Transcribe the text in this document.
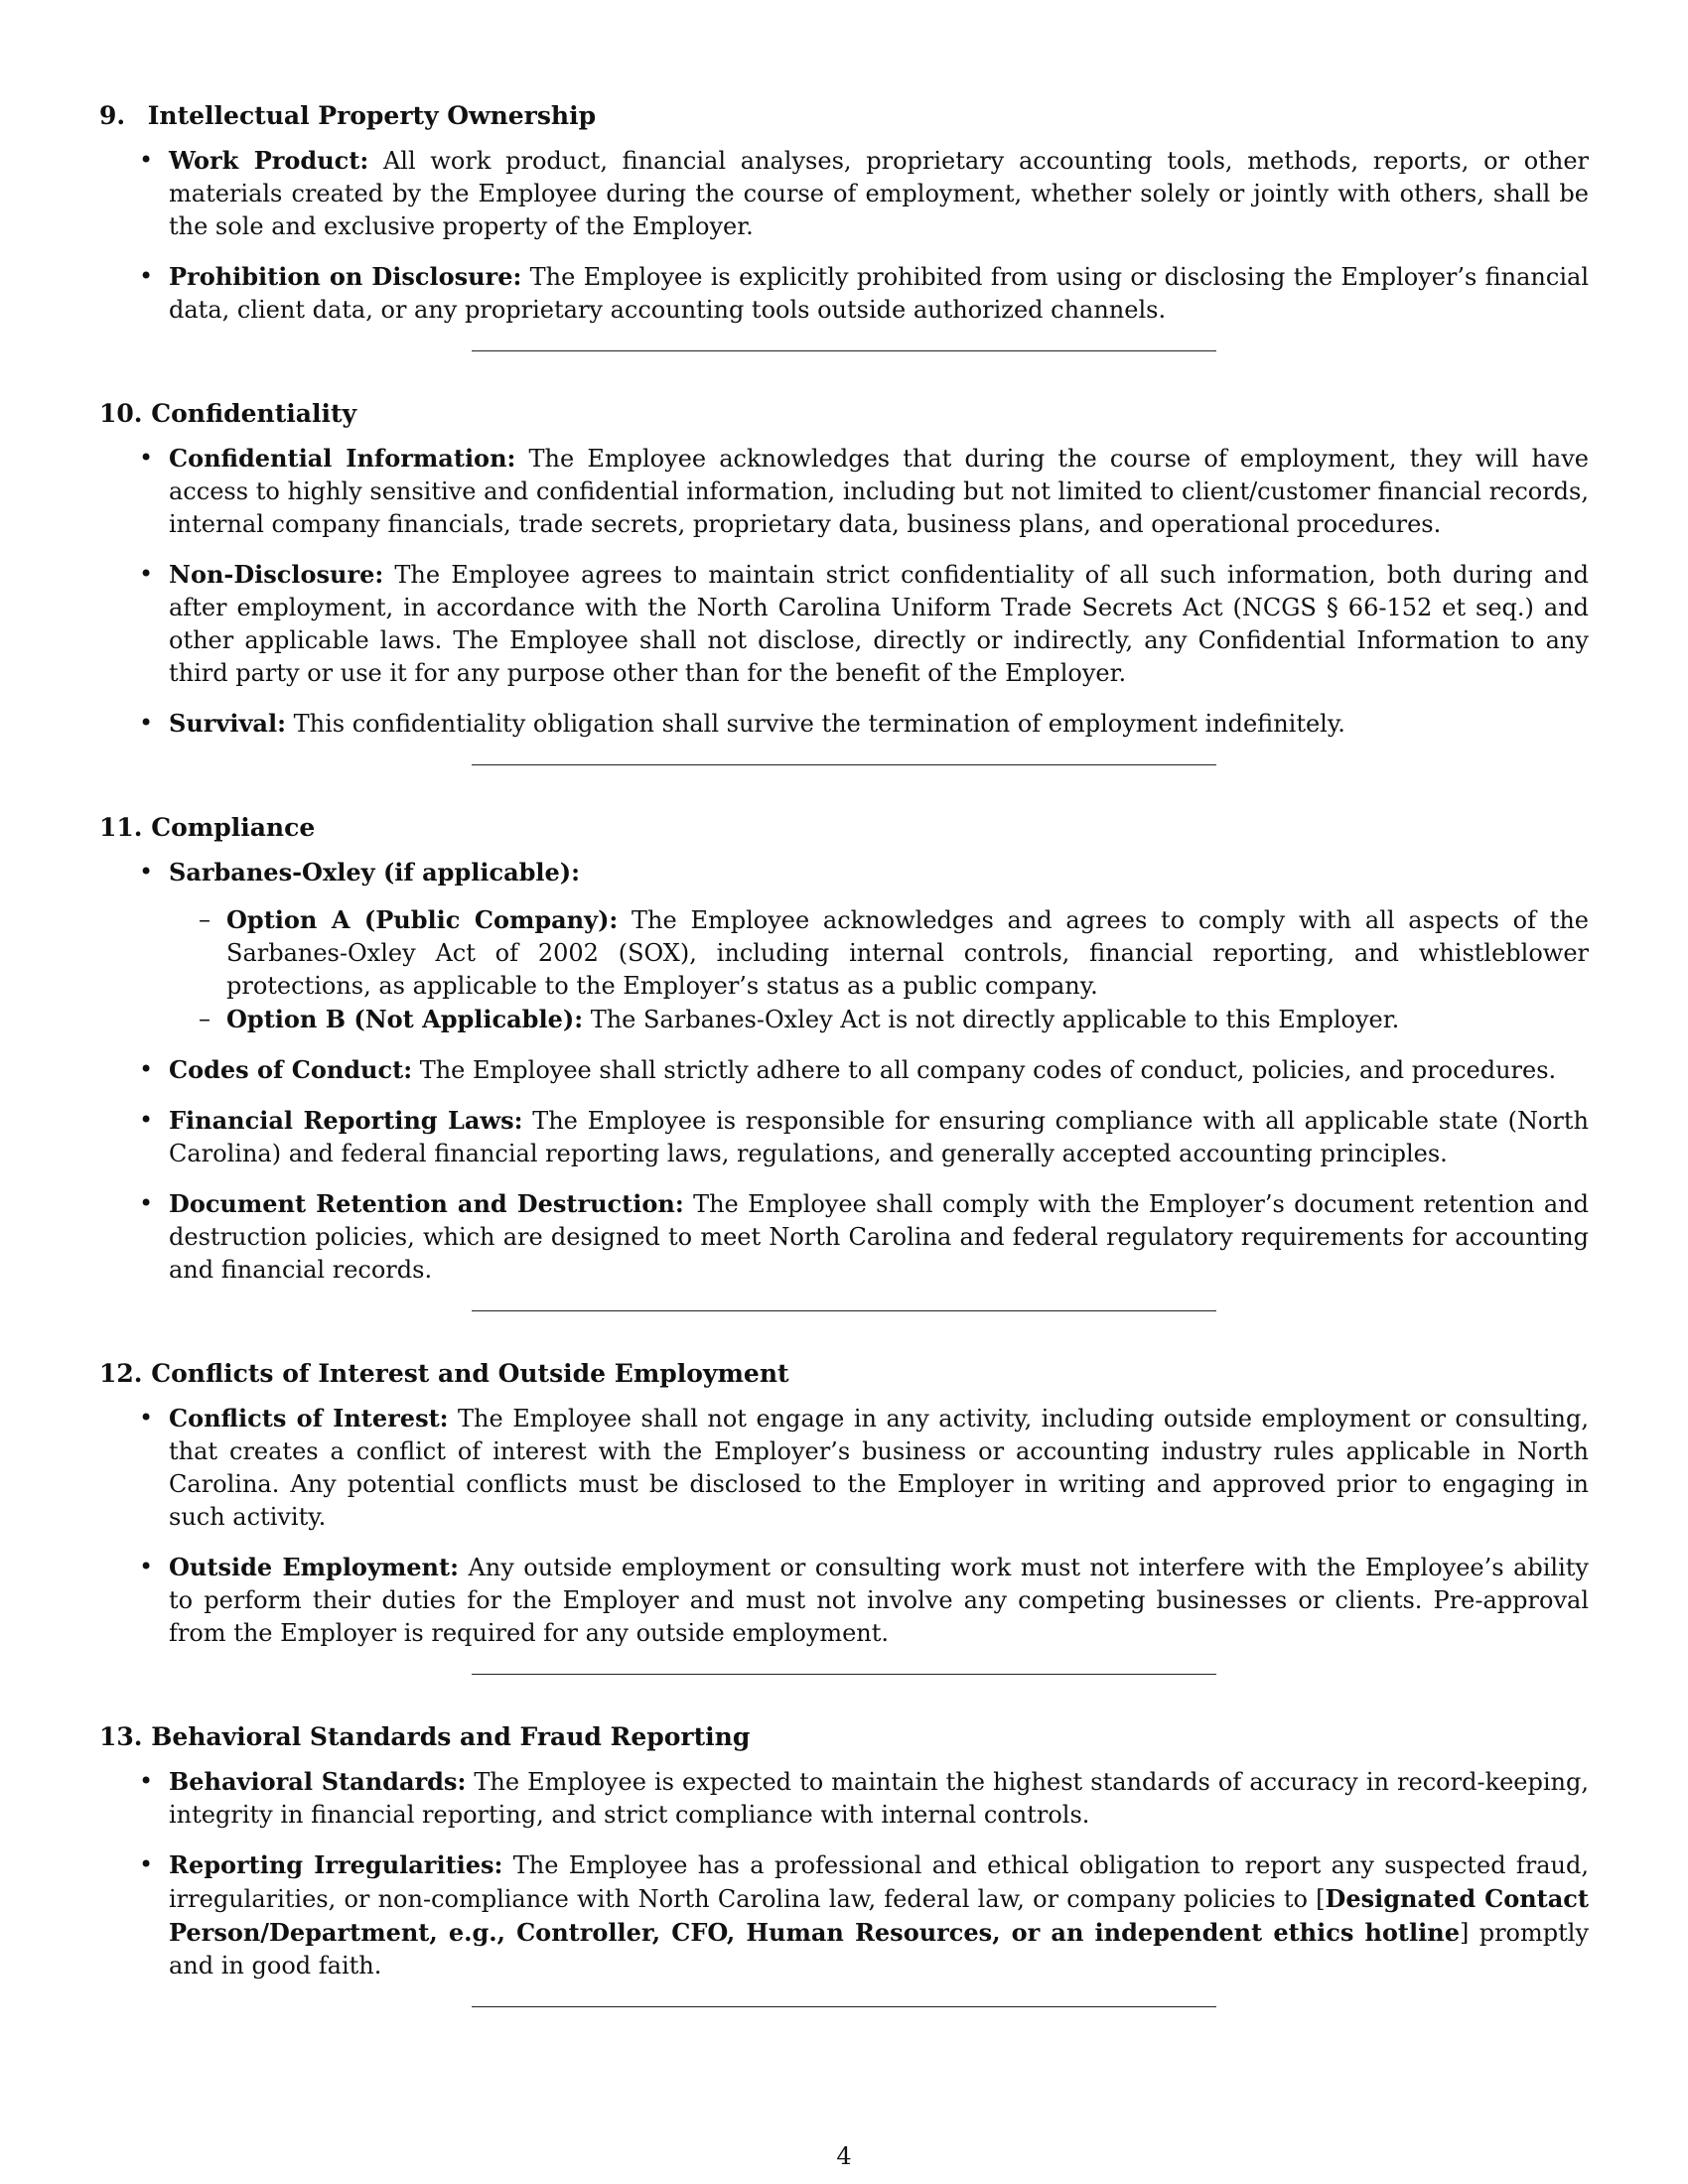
9. Intellectual Property Ownership
• Work Product: All work product, financial analyses, proprietary accounting tools, methods, reports, or other materials created by the Employee during the course of employment, whether solely or jointly with others, shall be the sole and exclusive property of the Employer.
• Prohibition on Disclosure: The Employee is explicitly prohibited from using or disclosing the Employer’s financial data, client data, or any proprietary accounting tools outside authorized channels.
10. Confidentiality
• Confidential Information: The Employee acknowledges that during the course of employment, they will have access to highly sensitive and confidential information, including but not limited to client/customer financial records, internal company financials, trade secrets, proprietary data, business plans, and operational procedures.
• Non-Disclosure: The Employee agrees to maintain strict confidentiality of all such information, both during and after employment, in accordance with the North Carolina Uniform Trade Secrets Act (NCGS § 66-152 et seq.) and other applicable laws. The Employee shall not disclose, directly or indirectly, any Confidential Information to any third party or use it for any purpose other than for the benefit of the Employer.
• Survival: This confidentiality obligation shall survive the termination of employment indefinitely.
11. Compliance
• Sarbanes-Oxley (if applicable):
– Option A (Public Company): The Employee acknowledges and agrees to comply with all aspects of the Sarbanes-Oxley Act of 2002 (SOX), including internal controls, financial reporting, and whistleblower protections, as applicable to the Employer’s status as a public company.
– Option B (Not Applicable): The Sarbanes-Oxley Act is not directly applicable to this Employer.
• Codes of Conduct: The Employee shall strictly adhere to all company codes of conduct, policies, and procedures.
• Financial Reporting Laws: The Employee is responsible for ensuring compliance with all applicable state (North Carolina) and federal financial reporting laws, regulations, and generally accepted accounting principles.
• Document Retention and Destruction: The Employee shall comply with the Employer’s document retention and destruction policies, which are designed to meet North Carolina and federal regulatory requirements for accounting and financial records.
12. Conflicts of Interest and Outside Employment
• Conflicts of Interest: The Employee shall not engage in any activity, including outside employment or consulting, that creates a conflict of interest with the Employer’s business or accounting industry rules applicable in North Carolina. Any potential conflicts must be disclosed to the Employer in writing and approved prior to engaging in such activity.
• Outside Employment: Any outside employment or consulting work must not interfere with the Employee’s ability to perform their duties for the Employer and must not involve any competing businesses or clients. Pre-approval from the Employer is required for any outside employment.
13. Behavioral Standards and Fraud Reporting
• Behavioral Standards: The Employee is expected to maintain the highest standards of accuracy in record-keeping, integrity in financial reporting, and strict compliance with internal controls.
• Reporting Irregularities: The Employee has a professional and ethical obligation to report any suspected fraud, irregularities, or non-compliance with North Carolina law, federal law, or company policies to [Designated Contact Person/Department, e.g., Controller, CFO, Human Resources, or an independent ethics hotline] promptly and in good faith.
4
